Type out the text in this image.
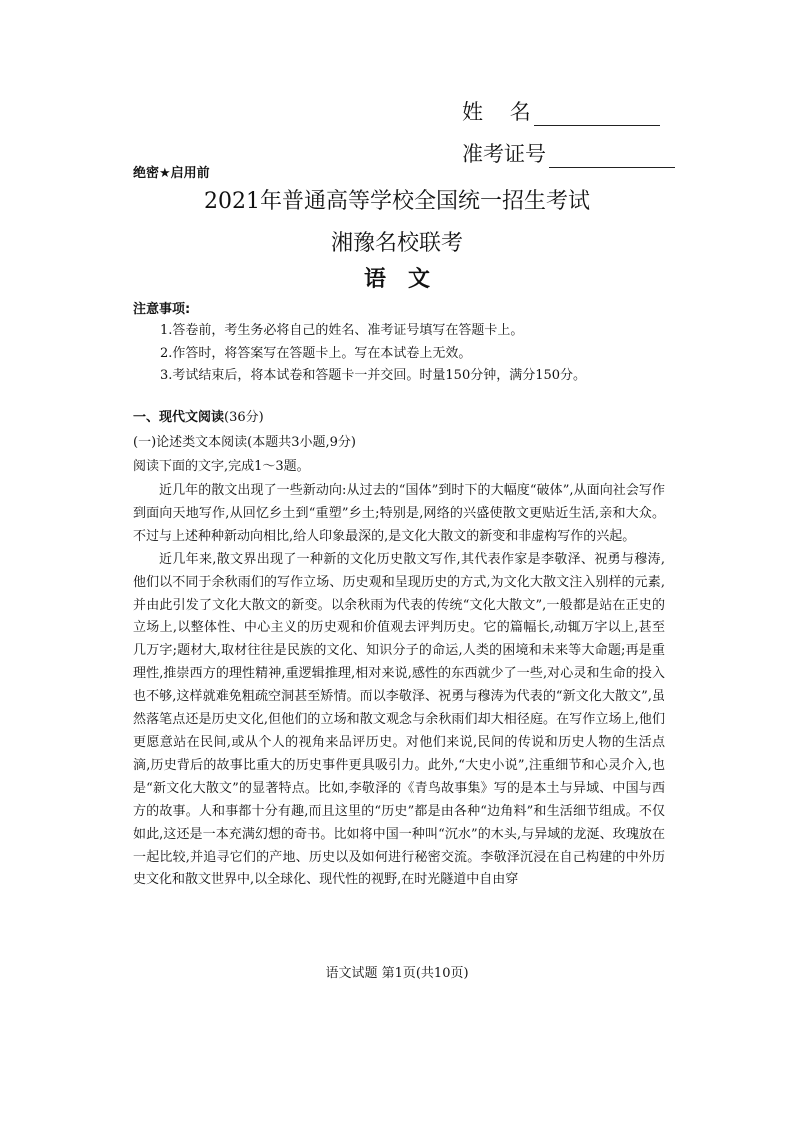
姓    名
准考证号
绝密★启用前
2021年普通高等学校全国统一招生考试
湘豫名校联考
语文
注意事项:
1.答卷前，考生务必将自己的姓名、准考证号填写在答题卡上。
2.作答时，将答案写在答题卡上。写在本试卷上无效。
3.考试结束后，将本试卷和答题卡一并交回。时量150分钟，满分150分。
一、现代文阅读(36分)
(一)论述类文本阅读(本题共3小题,9分)
阅读下面的文字,完成1～3题。

近几年的散文出现了一些新动向:从过去的“国体”到时下的大幅度“破体”,从面向社会写作到面向天地写作,从回忆乡土到“重塑”乡土;特别是,网络的兴盛使散文更贴近生活,亲和大众。不过与上述种种新动向相比,给人印象最深的,是文化大散文的新变和非虚构写作的兴起。

近几年来,散文界出现了一种新的文化历史散文写作,其代表作家是李敬泽、祝勇与穆涛,他们以不同于余秋雨们的写作立场、历史观和呈现历史的方式,为文化大散文注入别样的元素,并由此引发了文化大散文的新变。以余秋雨为代表的传统“文化大散文”,一般都是站在正史的立场上,以整体性、中心主义的历史观和价值观去评判历史。它的篇幅长,动辄万字以上,甚至几万字;题材大,取材往往是民族的文化、知识分子的命运,人类的困境和未来等大命题;再是重理性,推崇西方的理性精神,重逻辑推理,相对来说,感性的东西就少了一些,对心灵和生命的投入也不够,这样就难免粗疏空洞甚至矫情。而以李敬泽、祝勇与穆涛为代表的“新文化大散文”,虽然落笔点还是历史文化,但他们的立场和散文观念与余秋雨们却大相径庭。在写作立场上,他们更愿意站在民间,或从个人的视角来品评历史。对他们来说,民间的传说和历史人物的生活点滴,历史背后的故事比重大的历史事件更具吸引力。此外,“大史小说”,注重细节和心灵介入,也是“新文化大散文”的显著特点。比如,李敬泽的《青鸟故事集》写的是本土与异域、中国与西方的故事。人和事都十分有趣,而且这里的“历史”都是由各种“边角料”和生活细节组成。不仅如此,这还是一本充满幻想的奇书。比如将中国一种叫“沉水”的木头,与异域的龙涎、玫瑰放在一起比较,并追寻它们的产地、历史以及如何进行秘密交流。李敬泽沉浸在自己构建的中外历史文化和散文世界中,以全球化、现代性的视野,在时光隧道中自由穿

语文试题 第1页(共10页)
